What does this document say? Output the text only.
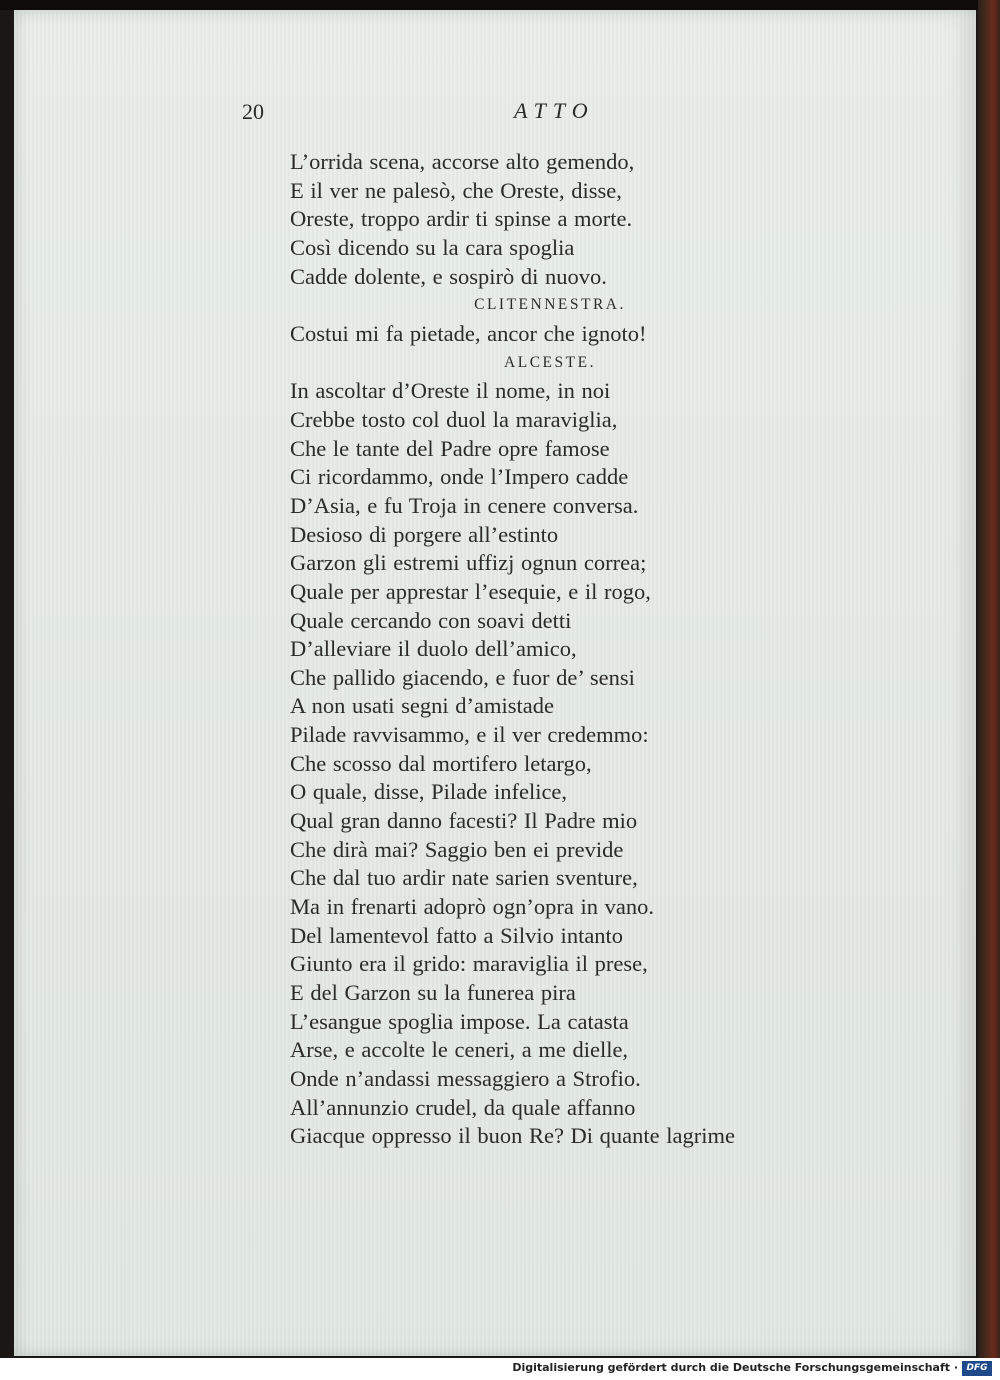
20	ATTO

L’orrida scena, accorse alto gemendo,
E il ver ne palesò, che Oreste, disse,
Oreste, troppo ardir ti spinse a morte.
Così dicendo su la cara spoglia
Cadde dolente, e sospirò di nuovo.
CLITENNESTRA.
Costui mi fa pietade, ancor che ignoto!
ALCESTE.
In ascoltar d’Oreste il nome, in noi
Crebbe tosto col duol la maraviglia,
Che le tante del Padre opre famose
Ci ricordammo, onde l’Impero cadde
D’Asia, e fu Troja in cenere conversa.
Desioso di porgere all’estinto
Garzon gli estremi uffizj ognun correa;
Quale per apprestar l’esequie, e il rogo,
Quale cercando con soavi detti
D’alleviare il duolo dell’amico,
Che pallido giacendo, e fuor de’ sensi
A non usati segni d’amistade
Pilade ravvisammo, e il ver credemmo:
Che scosso dal mortifero letargo,
O quale, disse, Pilade infelice,
Qual gran danno facesti? Il Padre mio
Che dirà mai? Saggio ben ei previde
Che dal tuo ardir nate sarien sventure,
Ma in frenarti adoprò ogn’opra in vano.
Del lamentevol fatto a Silvio intanto
Giunto era il grido: maraviglia il prese,
E del Garzon su la funerea pira
L’esangue spoglia impose. La catasta
Arse, e accolte le ceneri, a me dielle,
Onde n’andassi messaggiero a Strofio.
All’annunzio crudel, da quale affanno
Giacque oppresso il buon Re? Di quante lagrime
Digitalisierung gefördert durch die Deutsche Forschungsgemeinschaft · DFG
